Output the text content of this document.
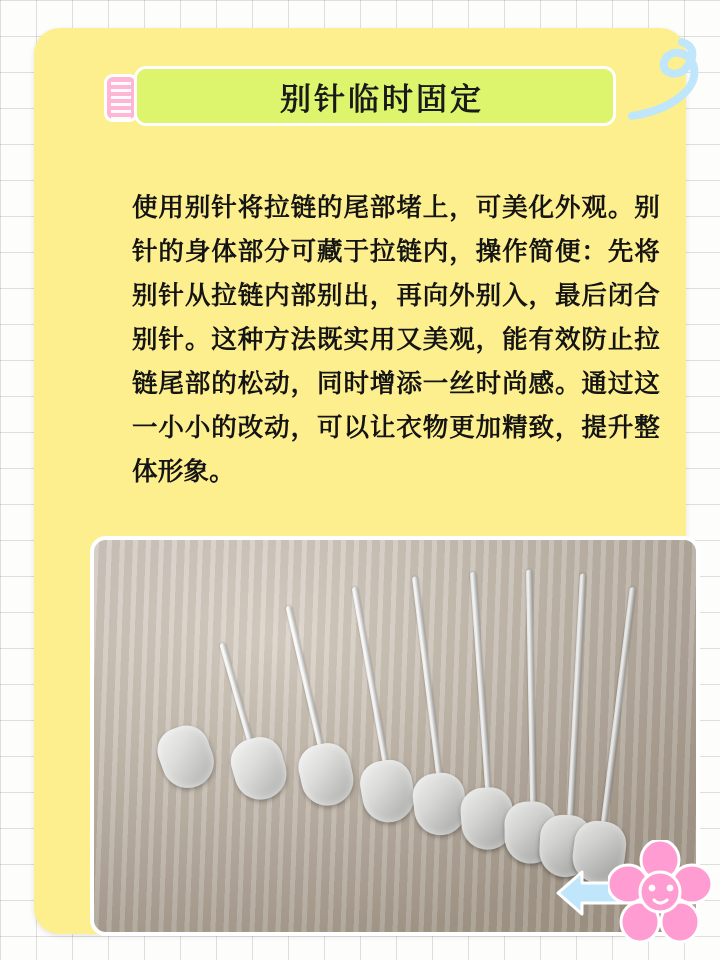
别针临时固定

使用别针将拉链的尾部堵上，可美化外观。别针的身体部分可藏于拉链内，操作简便：先将别针从拉链内部别出，再向外别入，最后闭合别针。这种方法既实用又美观，能有效防止拉链尾部的松动，同时增添一丝时尚感。通过这一小小的改动，可以让衣物更加精致，提升整体形象。
